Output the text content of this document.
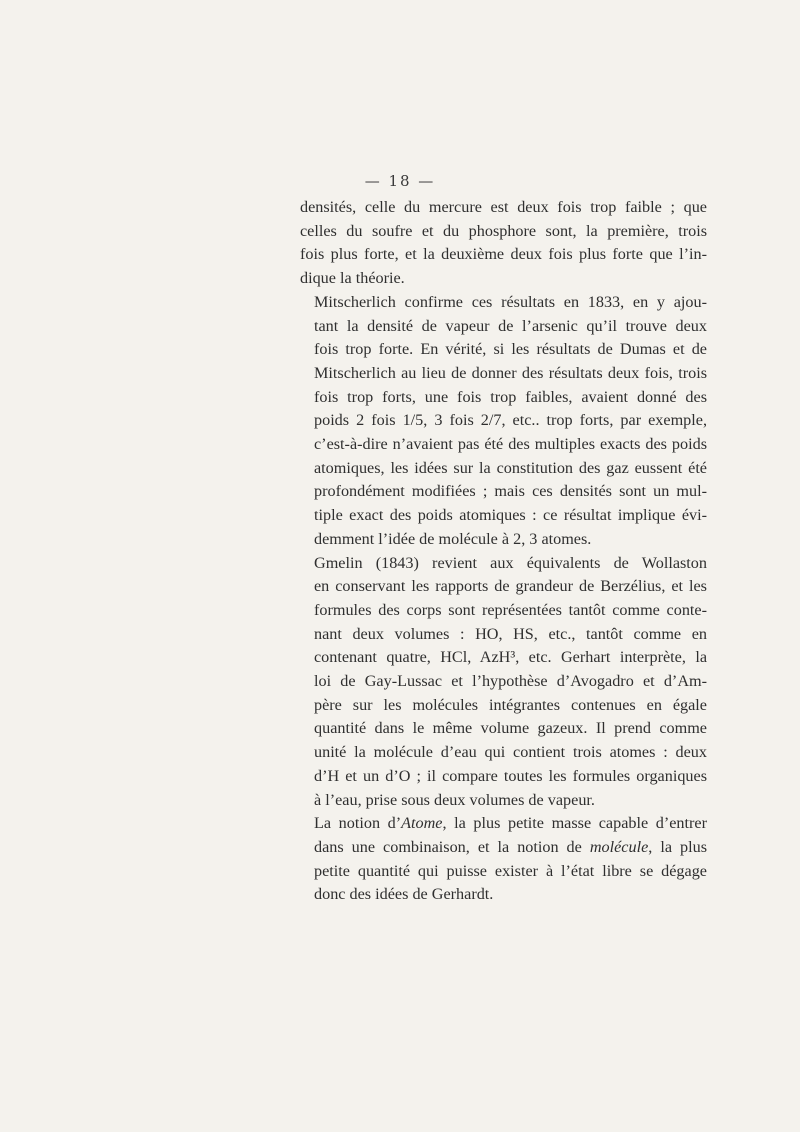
— 18 —

densités, celle du mercure est deux fois trop faible ; que
celles du soufre et du phosphore sont, la première, trois
fois plus forte, et la deuxième deux fois plus forte que l’in-
dique la théorie.

Mitscherlich confirme ces résultats en 1833, en y ajou-
tant la densité de vapeur de l’arsenic qu’il trouve deux
fois trop forte. En vérité, si les résultats de Dumas et de
Mitscherlich au lieu de donner des résultats deux fois, trois
fois trop forts, une fois trop faibles, avaient donné des
poids 2 fois 1/5, 3 fois 2/7, etc.. trop forts, par exemple,
c’est-à-dire n’avaient pas été des multiples exacts des poids
atomiques, les idées sur la constitution des gaz eussent été
profondément modifiées ; mais ces densités sont un mul-
tiple exact des poids atomiques : ce résultat implique évi-
demment l’idée de molécule à 2, 3 atomes.

Gmelin (1843) revient aux équivalents de Wollaston
en conservant les rapports de grandeur de Berzélius, et les
formules des corps sont représentées tantôt comme conte-
nant deux volumes : HO, HS, etc., tantôt comme en
contenant quatre, HCl, AzH³, etc. Gerhart interprète, la
loi de Gay-Lussac et l’hypothèse d’Avogadro et d’Am-
père sur les molécules intégrantes contenues en égale
quantité dans le même volume gazeux. Il prend comme
unité la molécule d’eau qui contient trois atomes : deux
d’H et un d’O ; il compare toutes les formules organiques
à l’eau, prise sous deux volumes de vapeur.

La notion d’Atome, la plus petite masse capable d’entrer
dans une combinaison, et la notion de molécule, la plus
petite quantité qui puisse exister à l’état libre se dégage
donc des idées de Gerhardt.
